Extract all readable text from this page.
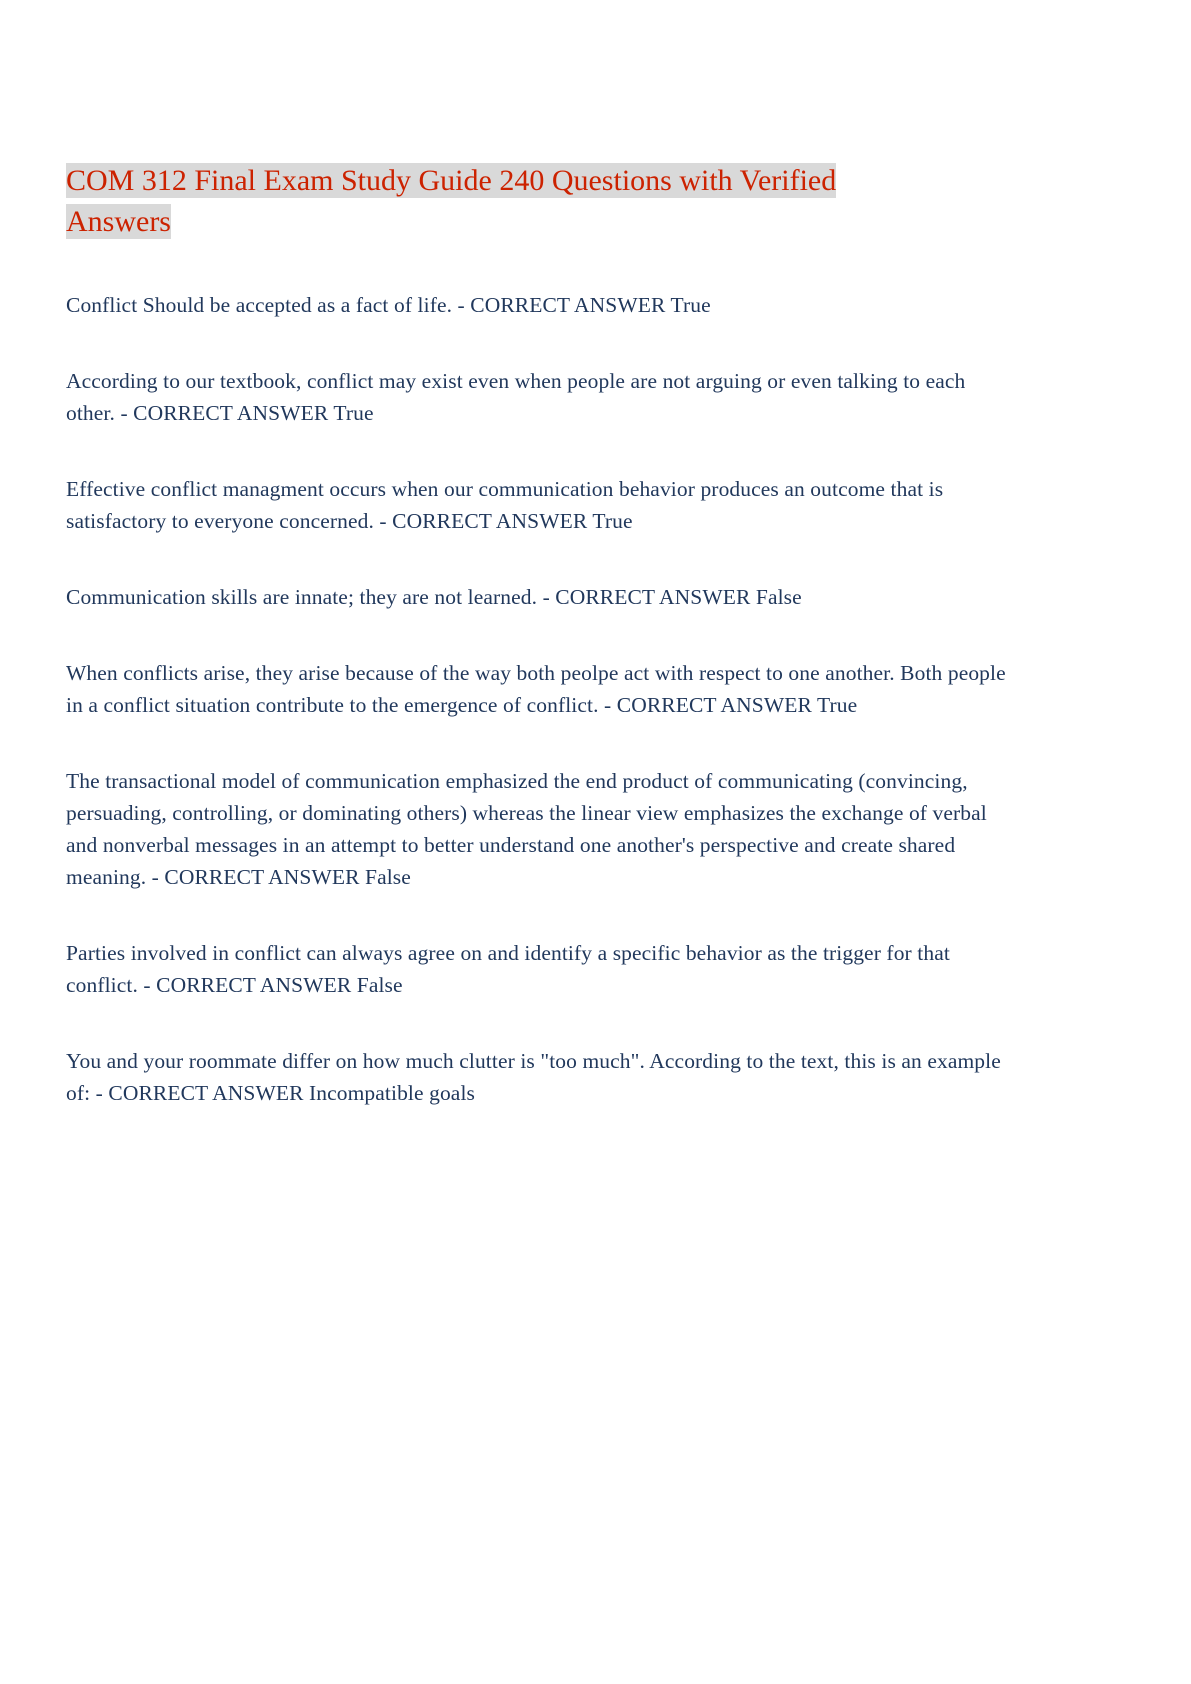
COM 312 Final Exam Study Guide 240 Questions with Verified Answers

Conflict Should be accepted as a fact of life. - CORRECT ANSWER True

According to our textbook, conflict may exist even when people are not arguing or even talking to each other. - CORRECT ANSWER True

Effective conflict managment occurs when our communication behavior produces an outcome that is satisfactory to everyone concerned. - CORRECT ANSWER True

Communication skills are innate; they are not learned. - CORRECT ANSWER False

When conflicts arise, they arise because of the way both peolpe act with respect to one another. Both people in a conflict situation contribute to the emergence of conflict. - CORRECT ANSWER True

The transactional model of communication emphasized the end product of communicating (convincing, persuading, controlling, or dominating others) whereas the linear view emphasizes the exchange of verbal and nonverbal messages in an attempt to better understand one another's perspective and create shared meaning. - CORRECT ANSWER False

Parties involved in conflict can always agree on and identify a specific behavior as the trigger for that conflict. - CORRECT ANSWER False

You and your roommate differ on how much clutter is "too much". According to the text, this is an example of: - CORRECT ANSWER Incompatible goals
